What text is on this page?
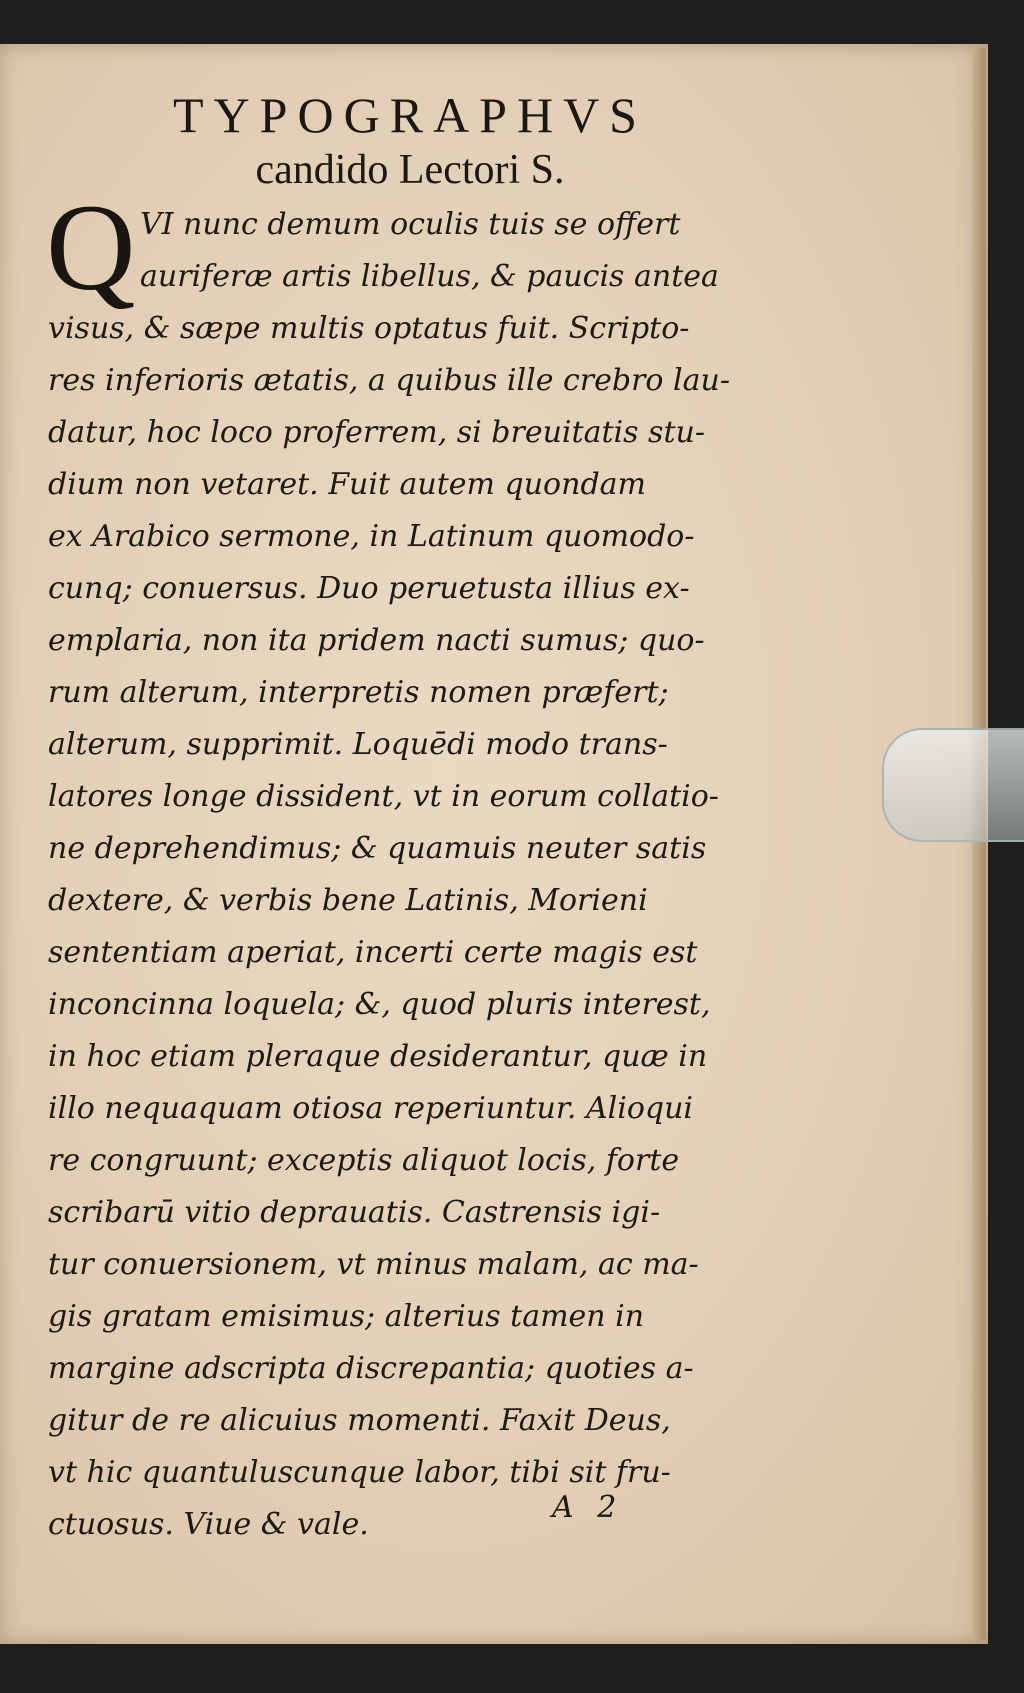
TYPOGRAPHVS
candido Lectori S.
Q VI nunc demum oculis tuis se offert
auriferæ artis libellus, & paucis antea
visus, & sæpe multis optatus fuit. Scripto-
res inferioris ætatis, a quibus ille crebro lau-
datur, hoc loco proferrem, si breuitatis stu-
dium non vetaret. Fuit autem quondam
ex Arabico sermone, in Latinum quomodo-
cunq; conuersus. Duo peruetusta illius ex-
emplaria, non ita pridem nacti sumus; quo-
rum alterum, interpretis nomen præfert;
alterum, supprimit. Loquēdi modo trans-
latores longe dissident, vt in eorum collatio-
ne deprehendimus; & quamuis neuter satis
dextere, & verbis bene Latinis, Morieni
sententiam aperiat, incerti certe magis est
inconcinna loquela; &, quod pluris interest,
in hoc etiam pleraque desiderantur, quæ in
illo nequaquam otiosa reperiuntur. Alioqui
re congruunt; exceptis aliquot locis, forte
scribarū vitio deprauatis. Castrensis igi-
tur conuersionem, vt minus malam, ac ma-
gis gratam emisimus; alterius tamen in
margine adscripta discrepantia; quoties a-
gitur de re alicuius momenti. Faxit Deus,
vt hic quantuluscunque labor, tibi sit fru-
ctuosus. Viue & vale.	A 2
